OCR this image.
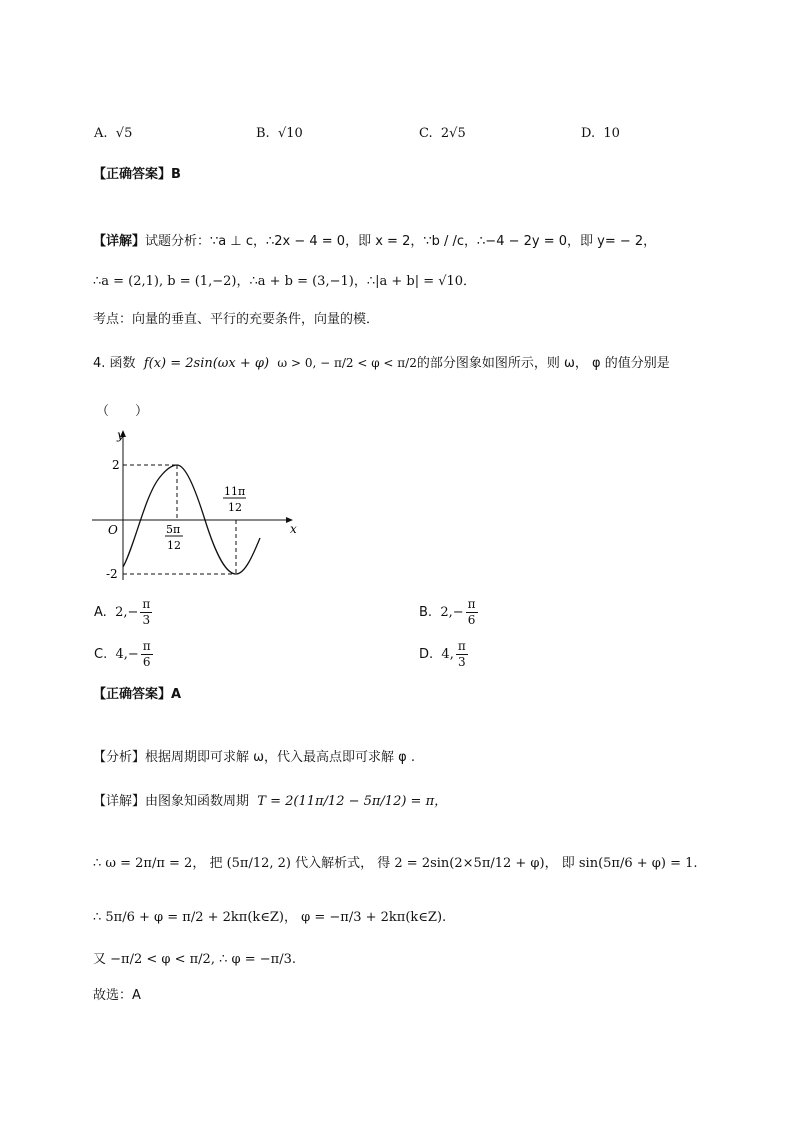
A. √5	B. √10	C. 2√5	D. 10
【正确答案】B
【详解】试题分析：∵a ⊥ c，∴2x − 4 = 0，即 x = 2，∵b / /c，∴−4 − 2y = 0，即 y= − 2，
∴a = (2,1), b = (1,−2)，∴a + b = (3,−1)，∴|a + b| = √10．
考点：向量的垂直、平行的充要条件，向量的模．
4. 函数 f(x) = 2sin(ωx + φ) ω > 0, − π/2 < φ < π/2的部分图象如图所示，则 ω， φ 的值分别是
（　　）
y
x
O
2
-2
5π
12
11π
12
A. $2,- \frac{\pi}{3}$	B. $2,- \frac{\pi}{6}$
C. $4,- \frac{\pi}{6}$	D. 4, $\frac{\pi}{3}$
【正确答案】A
【分析】根据周期即可求解 ω，代入最高点即可求解 φ .
【详解】由图象知函数周期 T = 2(11π/12 − 5π/12) = π，
∴ ω = 2π/π = 2， 把 (5π/12, 2) 代入解析式， 得 2 = 2sin(2×5π/12 + φ)， 即 sin(5π/6 + φ) = 1.
∴ 5π/6 + φ = π/2 + 2kπ(k∈Z)， φ = −π/3 + 2kπ(k∈Z).
又 −π/2 < φ < π/2, ∴ φ = −π/3.
故选：A
